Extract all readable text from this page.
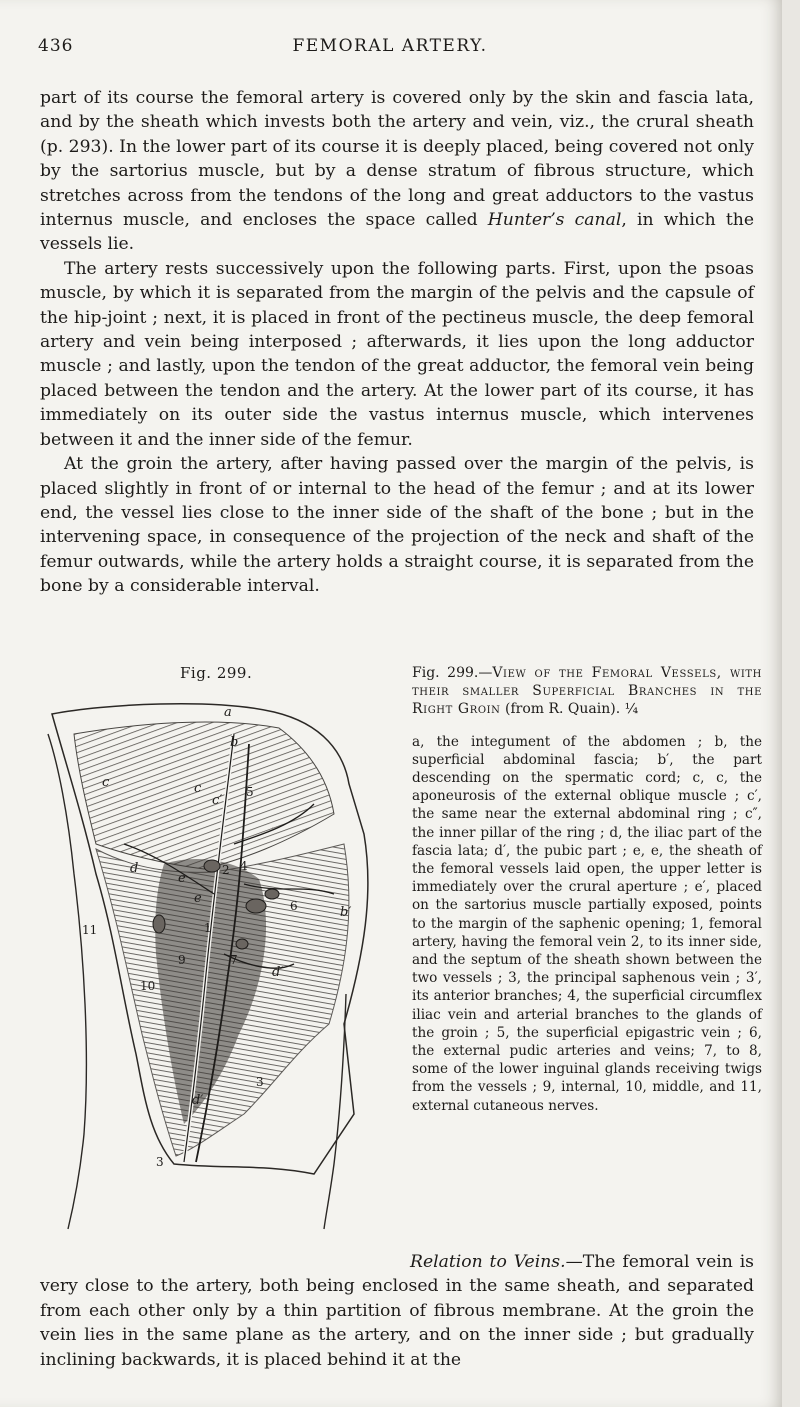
436	FEMORAL ARTERY.

part of its course the femoral artery is covered only by the skin and fascia lata, and by the sheath which invests both the artery and vein, viz., the crural sheath (p. 293). In the lower part of its course it is deeply placed, being covered not only by the sartorius muscle, but by a dense stratum of fibrous structure, which stretches across from the tendons of the long and great adductors to the vastus internus muscle, and encloses the space called Hunter’s canal, in which the vessels lie.

The artery rests successively upon the following parts. First, upon the psoas muscle, by which it is separated from the margin of the pelvis and the capsule of the hip-joint ; next, it is placed in front of the pectineus muscle, the deep femoral artery and vein being interposed ; afterwards, it lies upon the long adductor muscle ; and lastly, upon the tendon of the great adductor, the femoral vein being placed between the tendon and the artery. At the lower part of its course, it has immediately on its outer side the vastus internus muscle, which intervenes between it and the inner side of the femur.

At the groin the artery, after having passed over the margin of the pelvis, is placed slightly in front of or internal to the head of the femur ; and at its lower end, the vessel lies close to the inner side of the shaft of the bone ; but in the intervening space, in consequence of the projection of the neck and shaft of the femur outwards, while the artery holds a straight course, it is separated from the bone by a considerable interval.

Fig. 299.
a
b
b′
c	c
c′
d
d′
d′
e
e
1
2
3
3
4
5
6
7
9
10
11

Fig. 299.—View of the Femoral Vessels, with their smaller Superficial Branches in the Right Groin (from R. Quain). ¼

a, the integument of the abdomen ; b, the superficial abdominal fascia; b′, the part descending on the spermatic cord; c, c, the aponeurosis of the external oblique muscle ; c′, the same near the external abdominal ring ; c″, the inner pillar of the ring ; d, the iliac part of the fascia lata; d′, the pubic part ; e, e, the sheath of the femoral vessels laid open, the upper letter is immediately over the crural aperture ; e′, placed on the sartorius muscle partially exposed, points to the margin of the saphenic opening; 1, femoral artery, having the femoral vein 2, to its inner side, and the septum of the sheath shown between the two vessels ; 3, the principal saphenous vein ; 3′, its anterior branches; 4, the superficial circumflex iliac vein and arterial branches to the glands of the groin ; 5, the superficial epigastric vein ; 6, the external pudic arteries and veins; 7, to 8, some of the lower inguinal glands receiving twigs from the vessels ; 9, internal, 10, middle, and 11, external cutaneous nerves.

Relation to Veins.—The femoral vein is very close to the artery, both being enclosed in the same sheath, and separated from each other only by a thin partition of fibrous membrane. At the groin the vein lies in the same plane as the artery, and on the inner side ; but gradually inclining backwards, it is placed behind it at the
